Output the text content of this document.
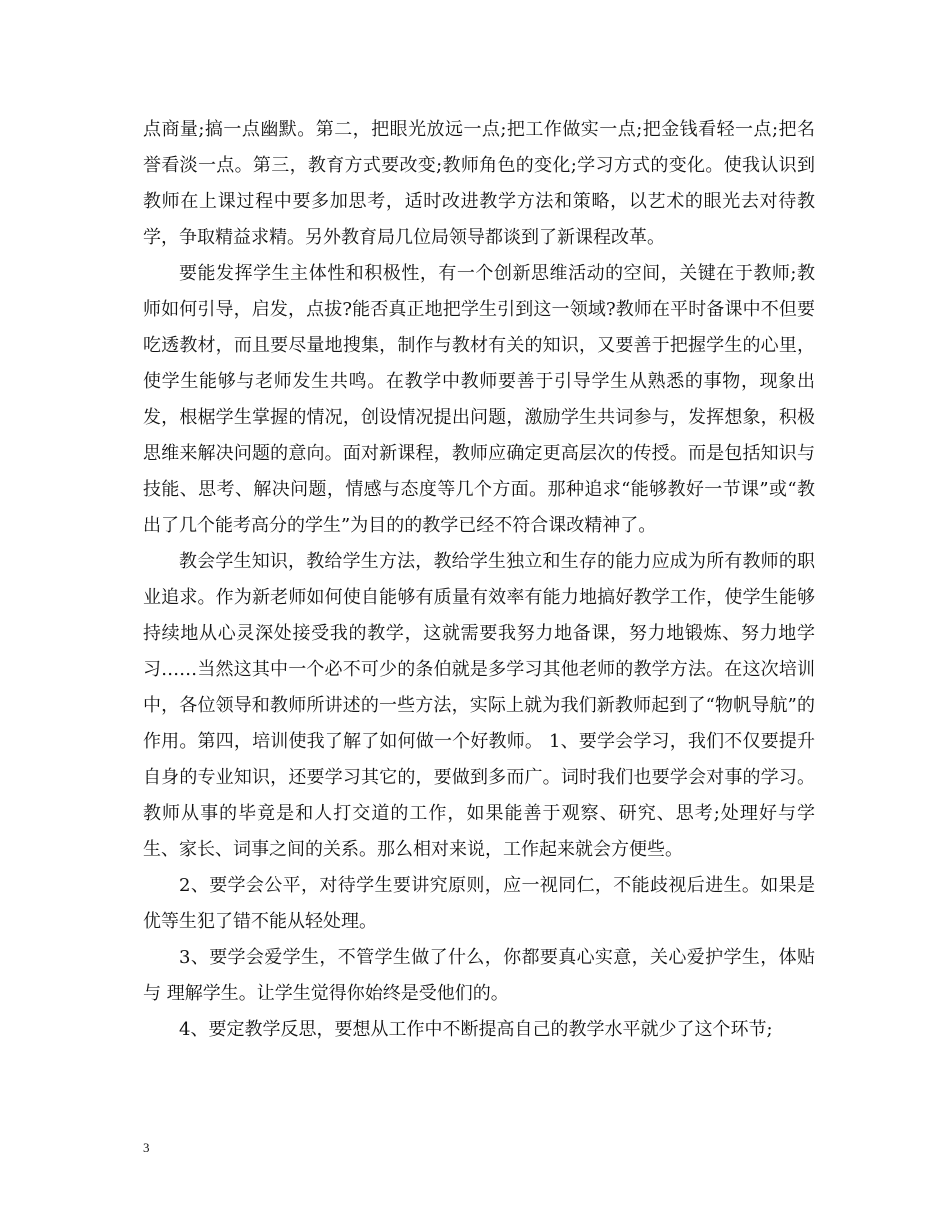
点商量;搞一点幽默。第二，把眼光放远一点;把工作做实一点;把金钱看轻一点;把名誉看淡一点。第三，教育方式要改变;教师角色的变化;学习方式的变化。使我认识到教师在上课过程中要多加思考，适时改进教学方法和策略，以艺术的眼光去对待教学，争取精益求精。另外教育局几位局领导都谈到了新课程改革。

要能发挥学生主体性和积极性，有一个创新思维活动的空间，关键在于教师;教师如何引导，启发，点拔?能否真正地把学生引到这一领域?教师在平时备课中不但要吃透教材，而且要尽量地搜集，制作与教材有关的知识，又要善于把握学生的心里，使学生能够与老师发生共鸣。在教学中教师要善于引导学生从熟悉的事物，现象出发，根椐学生掌握的情况，创设情况提出问题，激励学生共词参与，发挥想象，积极思维来解决问题的意向。面对新课程，教师应确定更高层次的传授。而是包括知识与技能、思考、解决问题，情感与态度等几个方面。那种追求“能够教好一节课”或“教出了几个能考高分的学生”为目的的教学已经不符合课改精神了。

教会学生知识，教给学生方法，教给学生独立和生存的能力应成为所有教师的职业追求。作为新老师如何使自能够有质量有效率有能力地搞好教学工作，使学生能够持续地从心灵深处接受我的教学，这就需要我努力地备课，努力地锻炼、努力地学习……当然这其中一个必不可少的条伯就是多学习其他老师的教学方法。在这次培训中，各位领导和教师所讲述的一些方法，实际上就为我们新教师起到了“物帆导航”的作用。第四，培训使我了解了如何做一个好教师。 1、要学会学习，我们不仅要提升自身的专业知识，还要学习其它的，要做到多而广。词时我们也要学会对事的学习。教师从事的毕竟是和人打交道的工作，如果能善于观察、研究、思考;处理好与学生、家长、词事之间的关系。那么相对来说，工作起来就会方便些。

2、要学会公平，对待学生要讲究原则，应一视同仁，不能歧视后进生。如果是优等生犯了错不能从轻处理。

3、要学会爱学生，不管学生做了什么，你都要真心实意，关心爱护学生，体贴与 理解学生。让学生觉得你始终是受他们的。

4、要定教学反思，要想从工作中不断提高自己的教学水平就少了这个环节;

3
